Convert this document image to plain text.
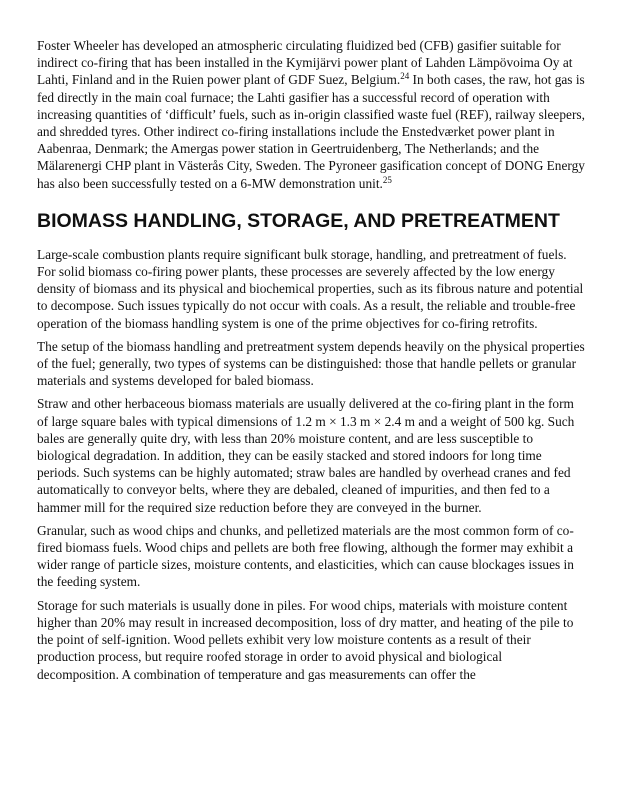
Foster Wheeler has developed an atmospheric circulating fluidized bed (CFB) gasifier suitable for indirect co-firing that has been installed in the Kymijärvi power plant of Lahden Lämpövoima Oy at Lahti, Finland and in the Ruien power plant of GDF Suez, Belgium.$^{24}$ In both cases, the raw, hot gas is fed directly in the main coal furnace; the Lahti gasifier has a successful record of operation with increasing quantities of ‘difficult’ fuels, such as in-origin classified waste fuel (REF), railway sleepers, and shredded tyres. Other indirect co-firing installations include the Enstedværket power plant in Aabenraa, Denmark; the Amergas power station in Geertruidenberg, The Netherlands; and the Mälarenergi CHP plant in Västerås City, Sweden. The Pyroneer gasification concept of DONG Energy has also been successfully tested on a 6-MW demonstration unit.$^{25}$

BIOMASS HANDLING, STORAGE, AND PRETREATMENT

Large-scale combustion plants require significant bulk storage, handling, and pretreatment of fuels. For solid biomass co-firing power plants, these processes are severely affected by the low energy density of biomass and its physical and biochemical properties, such as its fibrous nature and potential to decompose. Such issues typically do not occur with coals. As a result, the reliable and trouble-free operation of the biomass handling system is one of the prime objectives for co-firing retrofits.

The setup of the biomass handling and pretreatment system depends heavily on the physical properties of the fuel; generally, two types of systems can be distinguished: those that handle pellets or granular materials and systems developed for baled biomass.

Straw and other herbaceous biomass materials are usually delivered at the co-firing plant in the form of large square bales with typical dimensions of 1.2 m × 1.3 m × 2.4 m and a weight of 500 kg. Such bales are generally quite dry, with less than 20% moisture content, and are less susceptible to biological degradation. In addition, they can be easily stacked and stored indoors for long time periods. Such systems can be highly automated; straw bales are handled by overhead cranes and fed automatically to conveyor belts, where they are debaled, cleaned of impurities, and then fed to a hammer mill for the required size reduction before they are conveyed in the burner.

Granular, such as wood chips and chunks, and pelletized materials are the most common form of co-fired biomass fuels. Wood chips and pellets are both free flowing, although the former may exhibit a wider range of particle sizes, moisture contents, and elasticities, which can cause blockages issues in the feeding system.

Storage for such materials is usually done in piles. For wood chips, materials with moisture content higher than 20% may result in increased decomposition, loss of dry matter, and heating of the pile to the point of self-ignition. Wood pellets exhibit very low moisture contents as a result of their production process, but require roofed storage in order to avoid physical and biological decomposition. A combination of temperature and gas measurements can offer the
